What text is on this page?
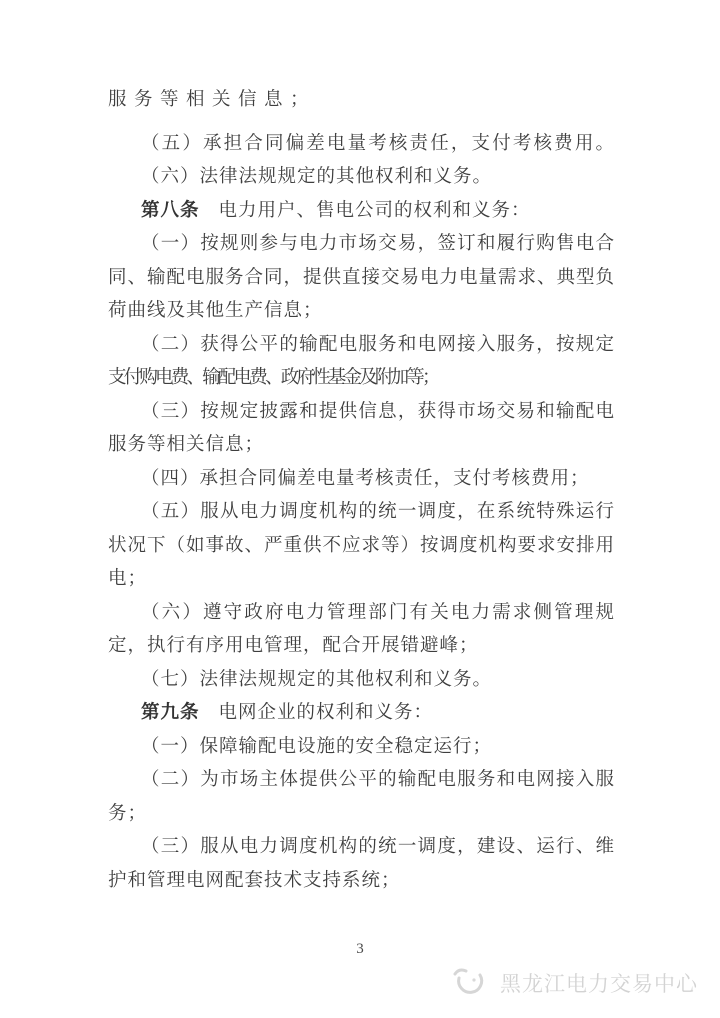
服务等相关信息；
（五）承担合同偏差电量考核责任，支付考核费用。
（六）法律法规规定的其他权利和义务。
第八条 电力用户、售电公司的权利和义务：
（一）按规则参与电力市场交易，签订和履行购售电合
同、输配电服务合同，提供直接交易电力电量需求、典型负
荷曲线及其他生产信息；
（二）获得公平的输配电服务和电网接入服务，按规定
支付购电费、输配电费、政府性基金及附加等；
（三）按规定披露和提供信息，获得市场交易和输配电
服务等相关信息；
（四）承担合同偏差电量考核责任，支付考核费用；
（五）服从电力调度机构的统一调度，在系统特殊运行
状况下（如事故、严重供不应求等）按调度机构要求安排用
电；
（六）遵守政府电力管理部门有关电力需求侧管理规
定，执行有序用电管理，配合开展错避峰；
（七）法律法规规定的其他权利和义务。
第九条 电网企业的权利和义务：
（一）保障输配电设施的安全稳定运行；
（二）为市场主体提供公平的输配电服务和电网接入服
务；
（三）服从电力调度机构的统一调度，建设、运行、维
护和管理电网配套技术支持系统；
3
黑龙江电力交易中心
